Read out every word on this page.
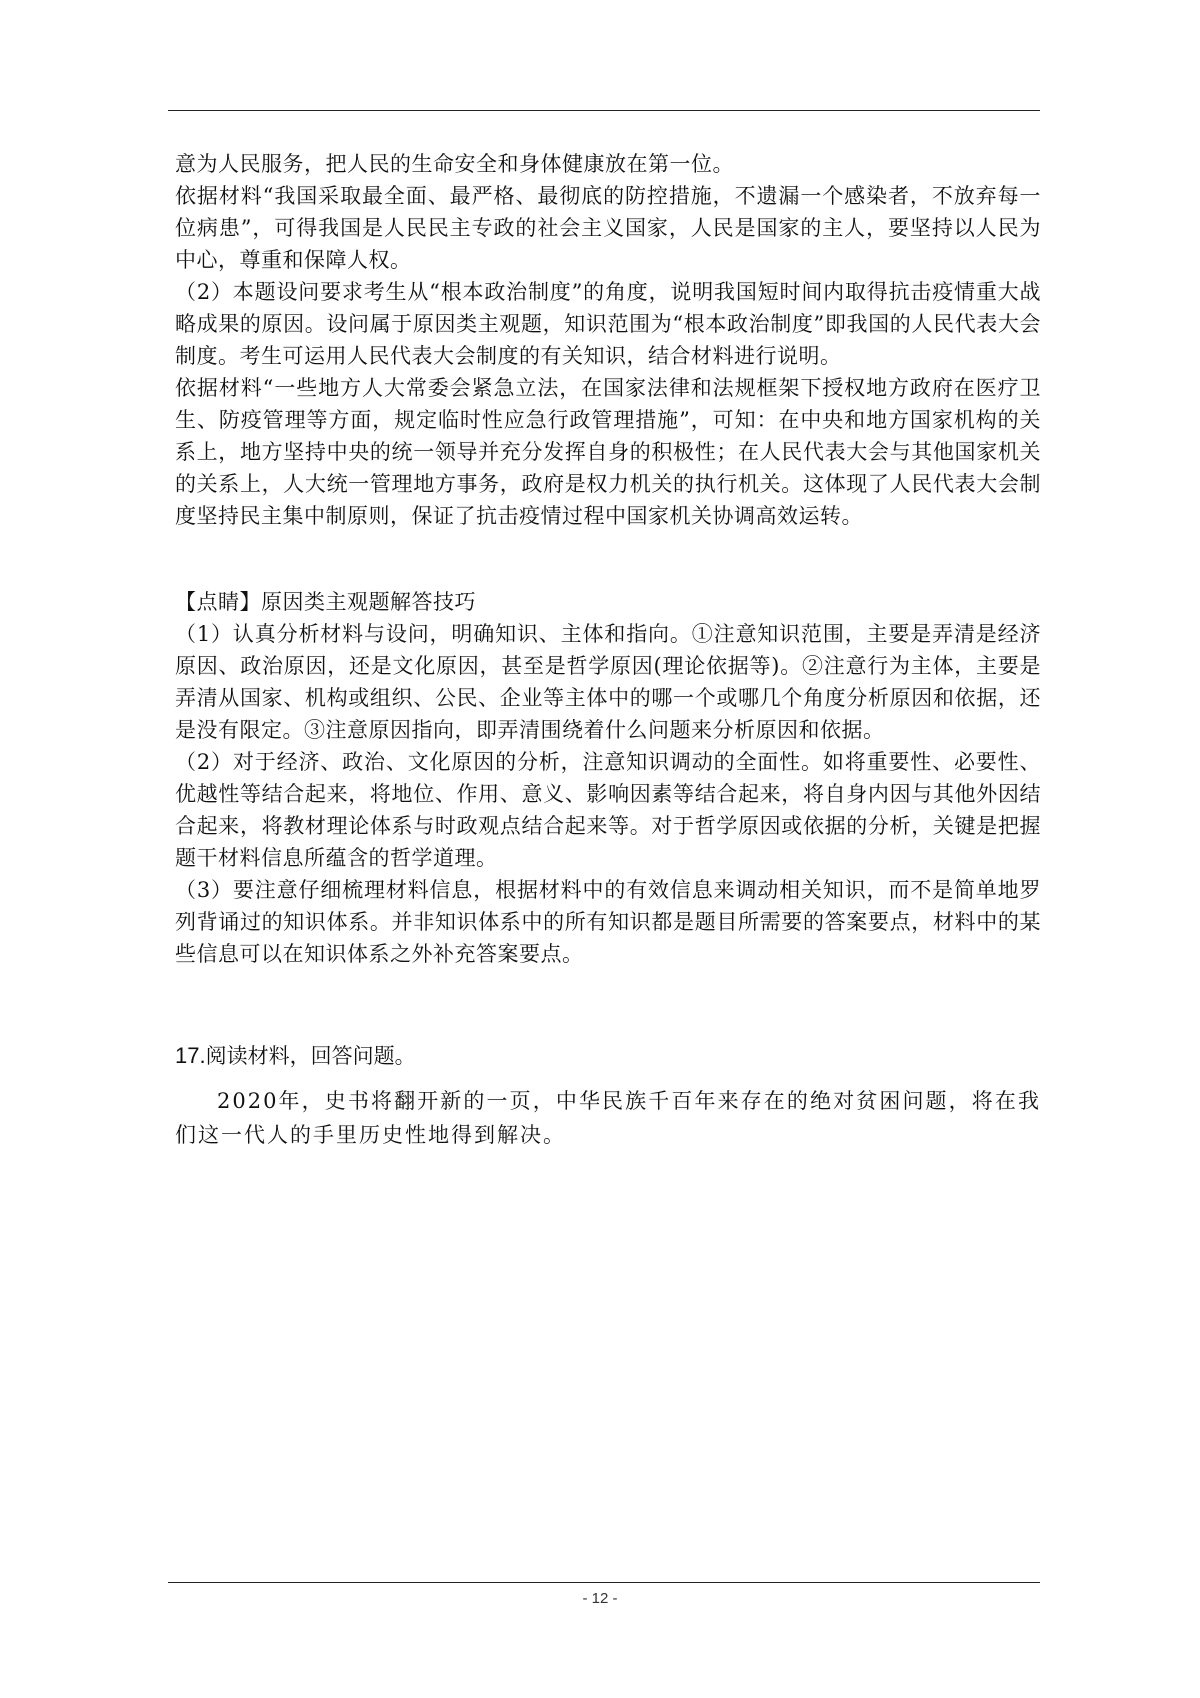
意为人民服务，把人民的生命安全和身体健康放在第一位。

依据材料“我国采取最全面、最严格、最彻底的防控措施，不遗漏一个感染者，不放弃每一位病患”，可得我国是人民民主专政的社会主义国家，人民是国家的主人，要坚持以人民为中心，尊重和保障人权。

（2）本题设问要求考生从“根本政治制度”的角度，说明我国短时间内取得抗击疫情重大战略成果的原因。设问属于原因类主观题，知识范围为“根本政治制度”即我国的人民代表大会制度。考生可运用人民代表大会制度的有关知识，结合材料进行说明。

依据材料“一些地方人大常委会紧急立法，在国家法律和法规框架下授权地方政府在医疗卫生、防疫管理等方面，规定临时性应急行政管理措施”，可知：在中央和地方国家机构的关系上，地方坚持中央的统一领导并充分发挥自身的积极性；在人民代表大会与其他国家机关的关系上，人大统一管理地方事务，政府是权力机关的执行机关。这体现了人民代表大会制度坚持民主集中制原则，保证了抗击疫情过程中国家机关协调高效运转。

【点睛】原因类主观题解答技巧

（1）认真分析材料与设问，明确知识、主体和指向。①注意知识范围，主要是弄清是经济原因、政治原因，还是文化原因，甚至是哲学原因(理论依据等)。②注意行为主体，主要是弄清从国家、机构或组织、公民、企业等主体中的哪一个或哪几个角度分析原因和依据，还是没有限定。③注意原因指向，即弄清围绕着什么问题来分析原因和依据。

（2）对于经济、政治、文化原因的分析，注意知识调动的全面性。如将重要性、必要性、优越性等结合起来，将地位、作用、意义、影响因素等结合起来，将自身内因与其他外因结合起来，将教材理论体系与时政观点结合起来等。对于哲学原因或依据的分析，关键是把握题干材料信息所蕴含的哲学道理。

（3）要注意仔细梳理材料信息，根据材料中的有效信息来调动相关知识，而不是简单地罗列背诵过的知识体系。并非知识体系中的所有知识都是题目所需要的答案要点，材料中的某些信息可以在知识体系之外补充答案要点。

17.阅读材料，回答问题。

2020年，史书将翻开新的一页，中华民族千百年来存在的绝对贫困问题，将在我们这一代人的手里历史性地得到解决。

- 12 -
